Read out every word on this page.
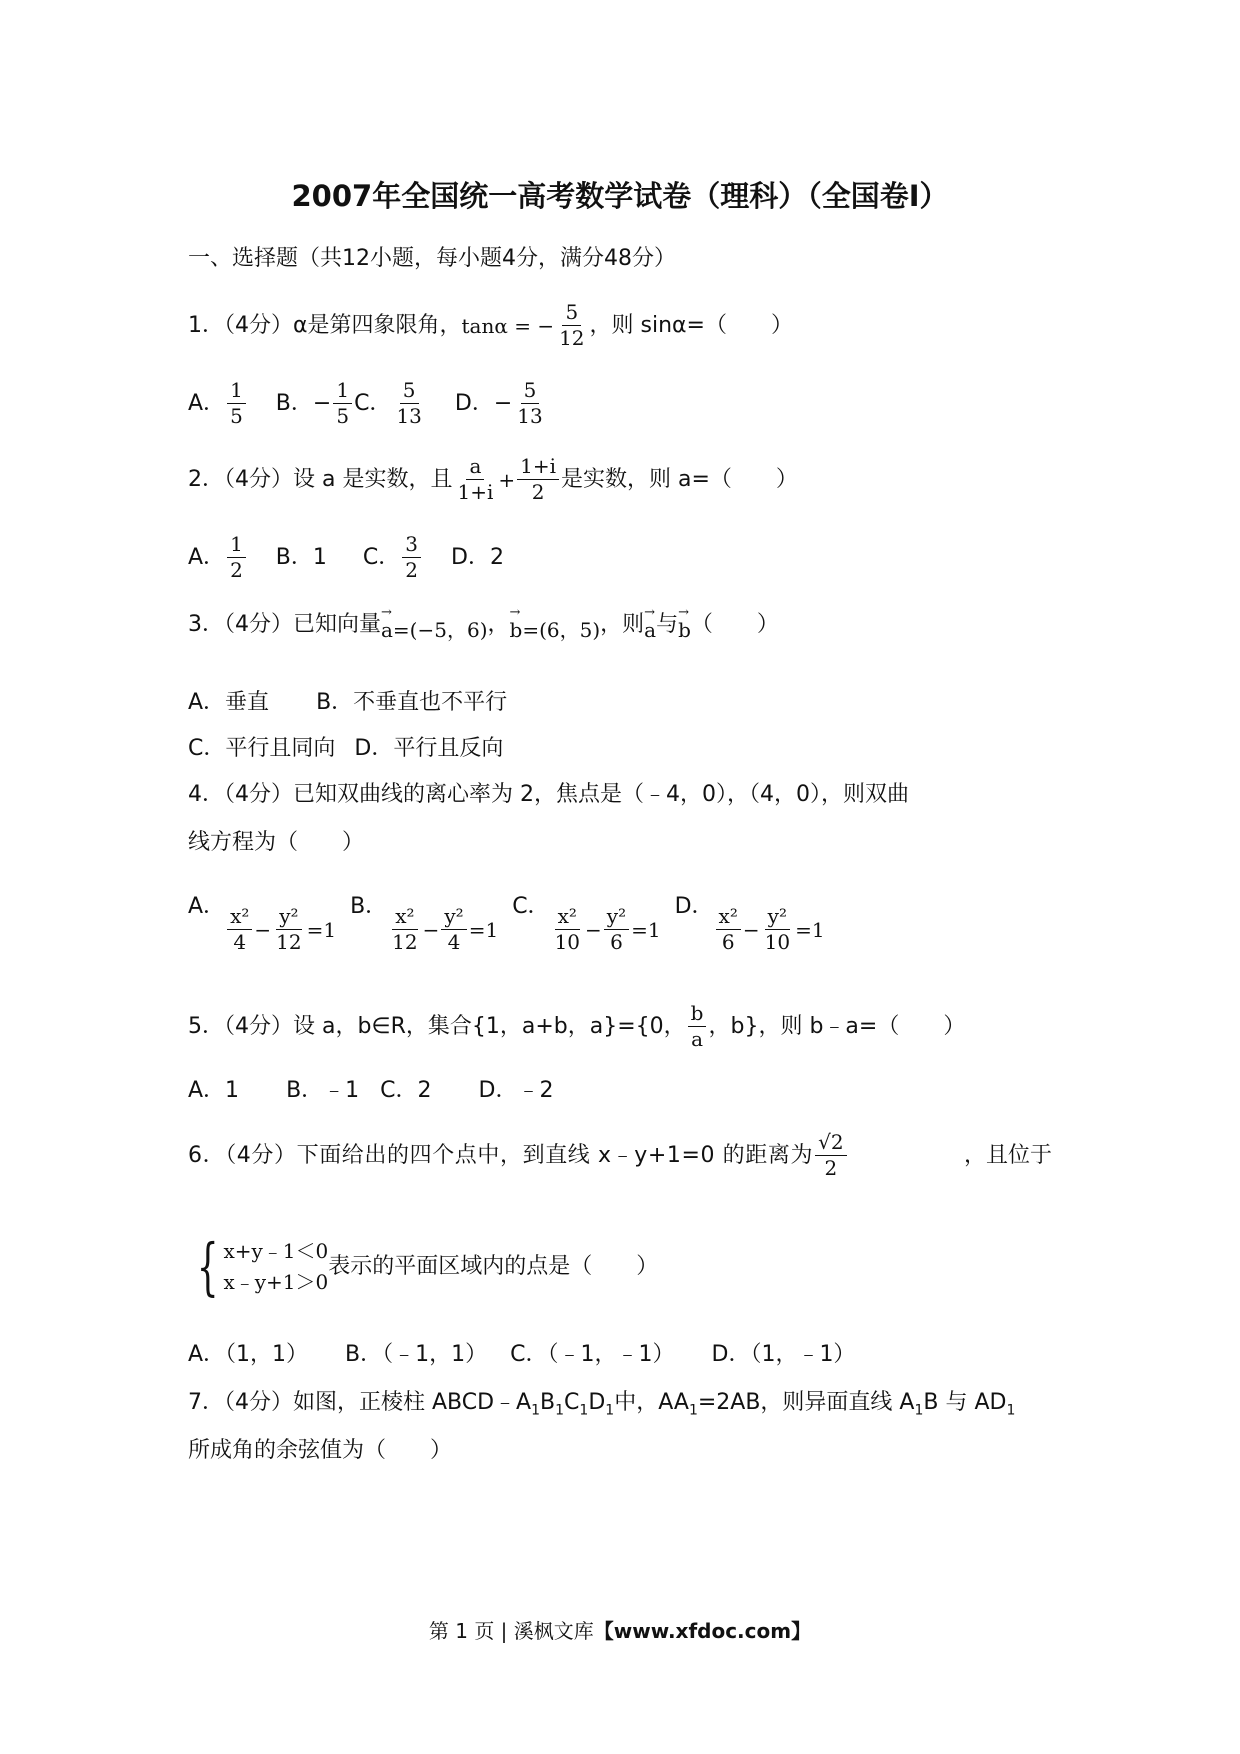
2007年全国统一高考数学试卷（理科）（全国卷Ⅰ）
一、选择题（共12小题，每小题4分，满分48分）
1．（4分）α是第四象限角， tanα = − $\frac{5}{12}$ ，则 sinα=（　　）
A． $\frac{1}{5}$ B．− $\frac{1}{5}$ C． $\frac{5}{13}$ D．− $\frac{5}{13}$
2．（4分）设 a 是实数，且 $\frac{a}{1+i} + \frac{1+i}{2}$ 是实数，则 a=（　　）
A． $\frac{1}{2}$ B．1 C． $\frac{3}{2}$ D．2
3．（4分）已知向量 →
a=(−5，6) ， →
b=(6，5) ，则 →
a 与 →
b （　　）
A．垂直 B．不垂直也不平行
C．平行且同向 D．平行且反向
4．（4分）已知双曲线的离心率为 2，焦点是（﹣4，0），（4，0），则双曲
线方程为（　　）
A． $\frac{\text{x²}}{4} - \frac{\text{y²}}{12} =1$
B． $\frac{\text{x²}}{12} - \frac{\text{y²}}{4} =1$
C． $\frac{\text{x²}}{10} - \frac{\text{y²}}{6} =1$
D． $\frac{\text{x²}}{6} - \frac{\text{y²}}{10} =1$
5．（4分）设 a，b∈R，集合{1，a+b，a}={0， $\frac{b}{a}$ ，b}，则 b﹣a=（　　）
A．1 B．﹣1 C．2 D．﹣2
6．（4分）下面给出的四个点中，到直线 x﹣y+1=0 的距离为 $\frac{√2}{2}$	，且位于
{ x+y﹣1＜0
x﹣y+1＞0
表示的平面区域内的点是（　　）
A．（1，1） B．（﹣1，1） C．（﹣1，﹣1） D．（1，﹣1）
7．（4分）如图，正棱柱 $ABCD﹣A_1B_1C_1D_1$中，$AA_1=2AB$，则异面直线 $A_1B$ 与 $AD_1$
所成角的余弦值为（　　）
第 1 页 | 溪枫文库【www.xfdoc.com】
